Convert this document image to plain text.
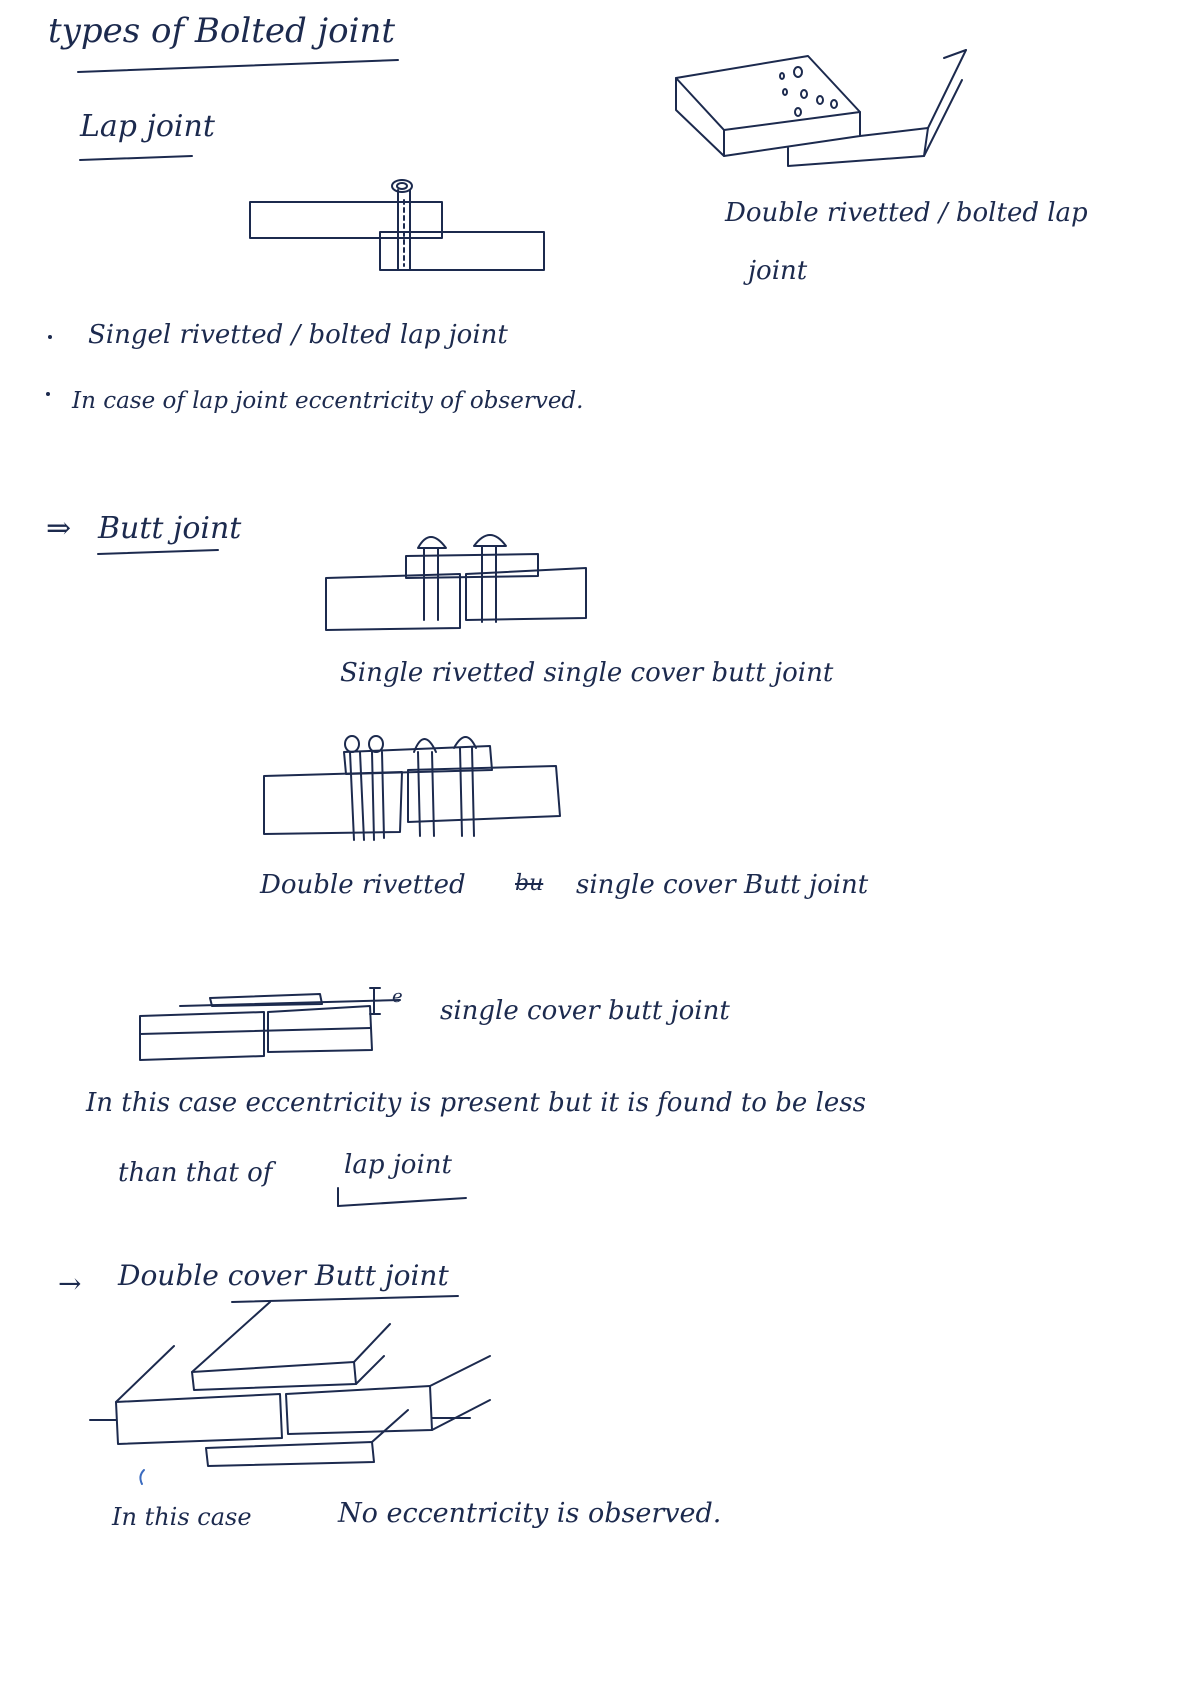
types of Bolted joint
Lap joint
Double rivetted / bolted lap
joint
Singel rivetted / bolted lap joint
In case of lap joint eccentricity of observed.
⇒ Butt joint
Single rivetted single cover butt joint
Double rivetted bu single cover Butt joint
single cover butt joint
e
In this case eccentricity is present but it is found to be less
than that of	lap joint
→ Double cover Butt joint
In this case	No eccentricity is observed.
